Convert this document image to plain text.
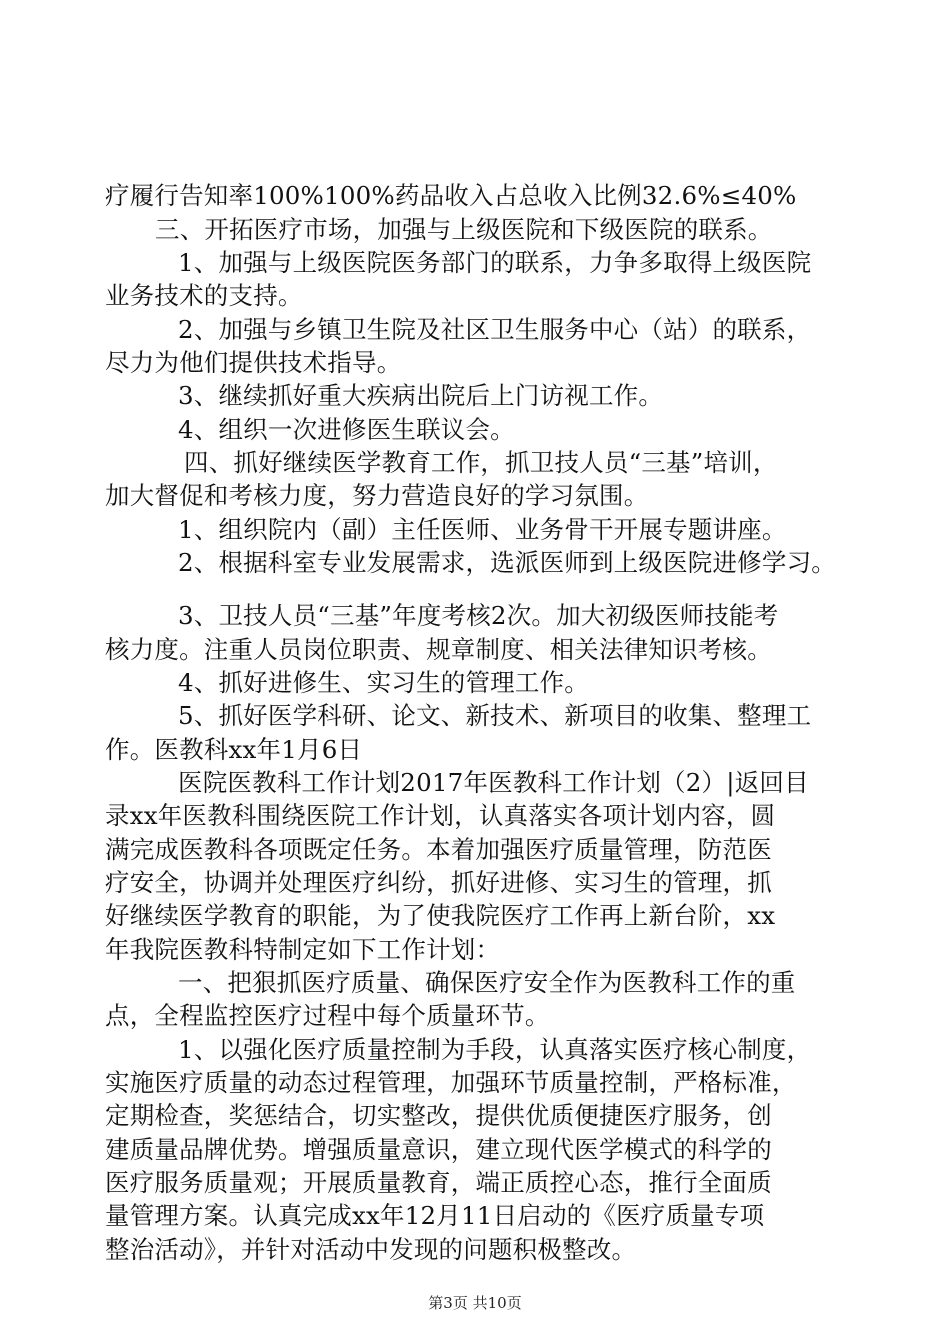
疗履行告知率100%100%药品收入占总收入比例32.6%≤40%
三、开拓医疗市场，加强与上级医院和下级医院的联系。
1、加强与上级医院医务部门的联系，力争多取得上级医院
业务技术的支持。
2、加强与乡镇卫生院及社区卫生服务中心（站）的联系，
尽力为他们提供技术指导。
3、继续抓好重大疾病出院后上门访视工作。
4、组织一次进修医生联议会。
四、抓好继续医学教育工作，抓卫技人员“三基”培训，
加大督促和考核力度，努力营造良好的学习氛围。
1、组织院内（副）主任医师、业务骨干开展专题讲座。
2、根据科室专业发展需求，选派医师到上级医院进修学习。
3、卫技人员“三基”年度考核2次。加大初级医师技能考
核力度。注重人员岗位职责、规章制度、相关法律知识考核。
4、抓好进修生、实习生的管理工作。
5、抓好医学科研、论文、新技术、新项目的收集、整理工
作。医教科xx年1月6日
医院医教科工作计划2017年医教科工作计划（2）|返回目
录xx年医教科围绕医院工作计划，认真落实各项计划内容，圆
满完成医教科各项既定任务。本着加强医疗质量管理，防范医
疗安全，协调并处理医疗纠纷，抓好进修、实习生的管理，抓
好继续医学教育的职能，为了使我院医疗工作再上新台阶，xx
年我院医教科特制定如下工作计划：
一、把狠抓医疗质量、确保医疗安全作为医教科工作的重
点，全程监控医疗过程中每个质量环节。
1、以强化医疗质量控制为手段，认真落实医疗核心制度，
实施医疗质量的动态过程管理，加强环节质量控制，严格标准，
定期检查，奖惩结合，切实整改，提供优质便捷医疗服务，创
建质量品牌优势。增强质量意识，建立现代医学模式的科学的
医疗服务质量观；开展质量教育，端正质控心态，推行全面质
量管理方案。认真完成xx年12月11日启动的《医疗质量专项
整治活动》，并针对活动中发现的问题积极整改。
第3页 共10页
